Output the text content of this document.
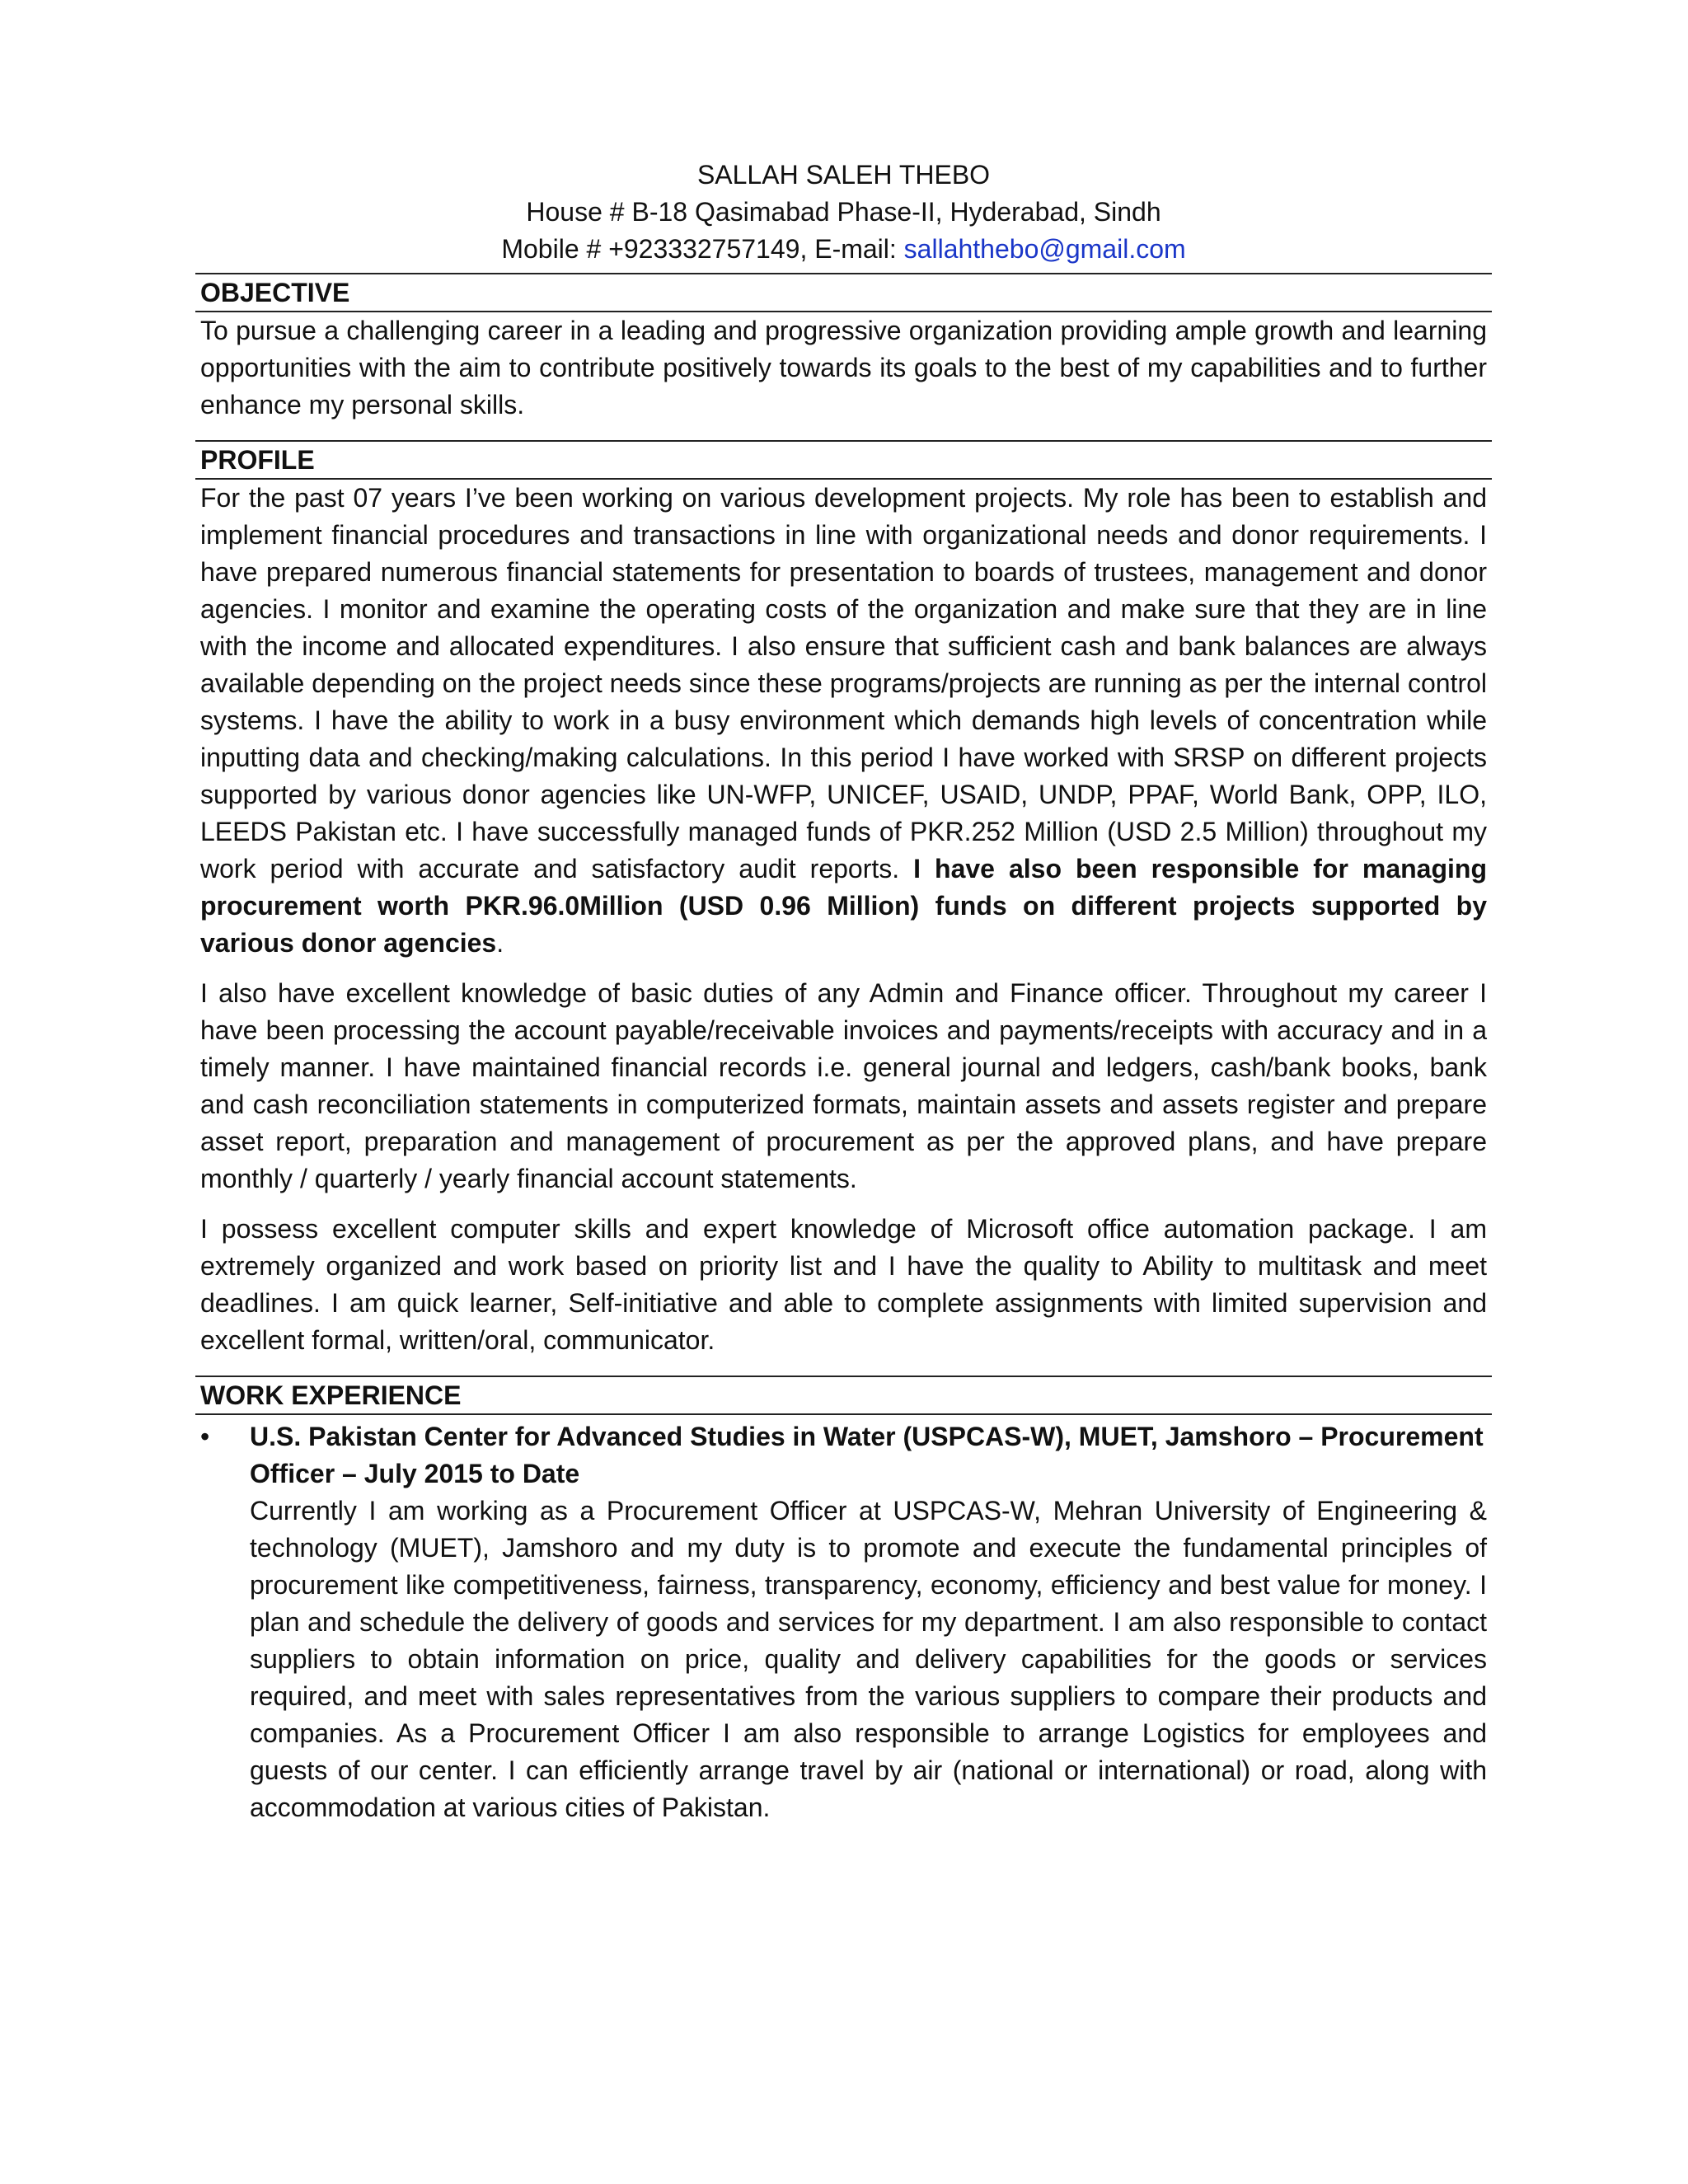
SALLAH SALEH THEBO
House # B-18 Qasimabad Phase-II, Hyderabad, Sindh
Mobile # +923332757149, E-mail: sallahthebo@gmail.com
OBJECTIVE

To pursue a challenging career in a leading and progressive organization providing ample growth and learning opportunities with the aim to contribute positively towards its goals to the best of my capabilities and to further enhance my personal skills.

PROFILE

For the past 07 years I’ve been working on various development projects. My role has been to establish and implement financial procedures and transactions in line with organizational needs and donor requirements. I have prepared numerous financial statements for presentation to boards of trustees, management and donor agencies. I monitor and examine the operating costs of the organization and make sure that they are in line with the income and allocated expenditures. I also ensure that sufficient cash and bank balances are always available depending on the project needs since these programs/projects are running as per the internal control systems. I have the ability to work in a busy environment which demands high levels of concentration while inputting data and checking/making calculations. In this period I have worked with SRSP on different projects supported by various donor agencies like UN-WFP, UNICEF, USAID, UNDP, PPAF, World Bank, OPP, ILO, LEEDS Pakistan etc. I have successfully managed funds of PKR.252 Million (USD 2.5 Million) throughout my work period with accurate and satisfactory audit reports. I have also been responsible for managing procurement worth PKR.96.0Million (USD 0.96 Million) funds on different projects supported by various donor agencies.

I also have excellent knowledge of basic duties of any Admin and Finance officer. Throughout my career I have been processing the account payable/receivable invoices and payments/receipts with accuracy and in a timely manner. I have maintained financial records i.e. general journal and ledgers, cash/bank books, bank and cash reconciliation statements in computerized formats, maintain assets and assets register and prepare asset report, preparation and management of procurement as per the approved plans, and have prepare monthly / quarterly / yearly financial account statements.

I possess excellent computer skills and expert knowledge of Microsoft office automation package. I am extremely organized and work based on priority list and I have the quality to Ability to multitask and meet deadlines. I am quick learner, Self-initiative and able to complete assignments with limited supervision and excellent formal, written/oral, communicator.

WORK EXPERIENCE
• U.S. Pakistan Center for Advanced Studies in Water (USPCAS-W), MUET, Jamshoro – Procurement Officer – July 2015 to Date
Currently I am working as a Procurement Officer at USPCAS-W, Mehran University of Engineering & technology (MUET), Jamshoro and my duty is to promote and execute the fundamental principles of procurement like competitiveness, fairness, transparency, economy, efficiency and best value for money. I plan and schedule the delivery of goods and services for my department. I am also responsible to contact suppliers to obtain information on price, quality and delivery capabilities for the goods or services required, and meet with sales representatives from the various suppliers to compare their products and companies. As a Procurement Officer I am also responsible to arrange Logistics for employees and guests of our center. I can efficiently arrange travel by air (national or international) or road, along with accommodation at various cities of Pakistan.
